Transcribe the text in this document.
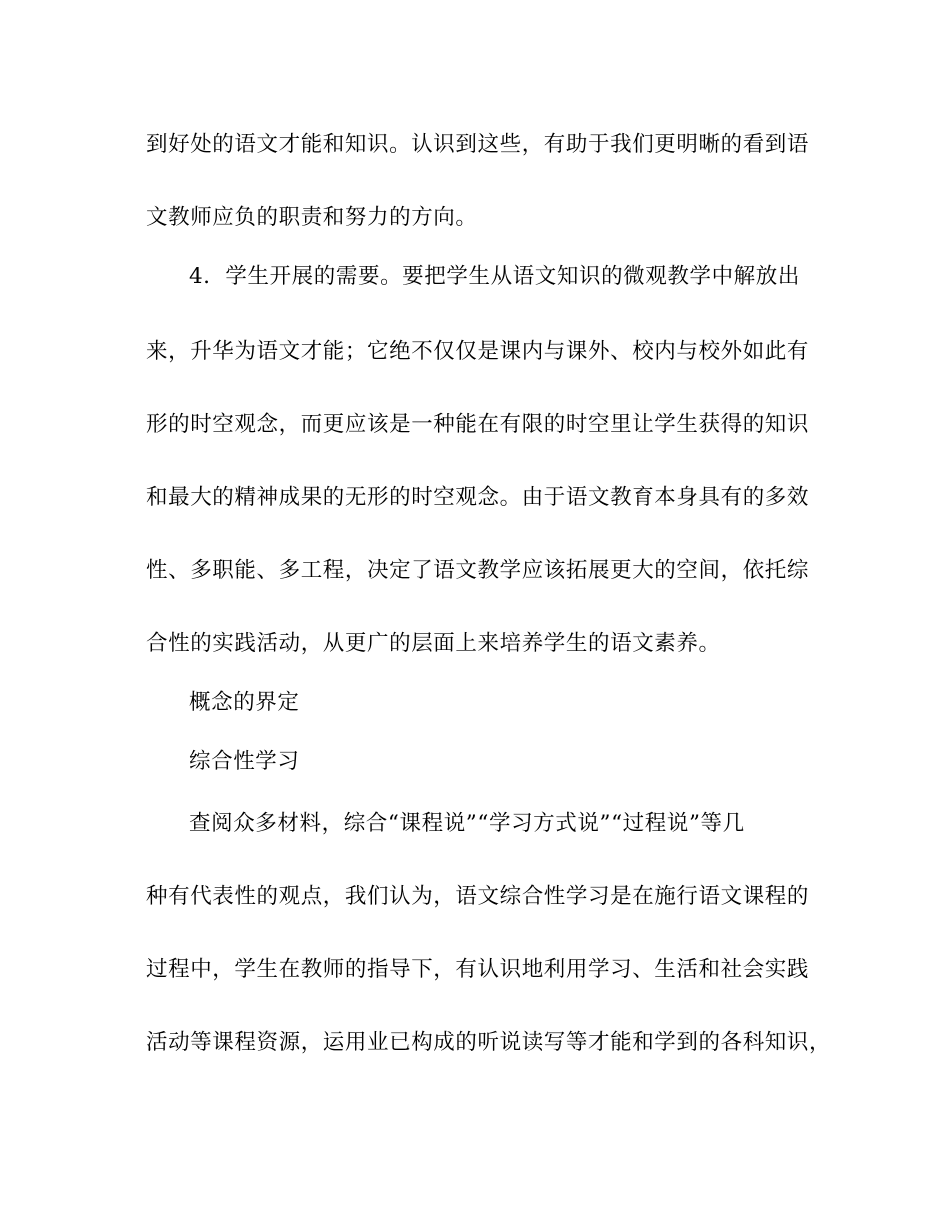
到好处的语文才能和知识。认识到这些，有助于我们更明晰的看到语
文教师应负的职责和努力的方向。
4．学生开展的需要。要把学生从语文知识的微观教学中解放出
来，升华为语文才能；它绝不仅仅是课内与课外、校内与校外如此有
形的时空观念，而更应该是一种能在有限的时空里让学生获得的知识
和最大的精神成果的无形的时空观念。由于语文教育本身具有的多效
性、多职能、多工程，决定了语文教学应该拓展更大的空间，依托综
合性的实践活动，从更广的层面上来培养学生的语文素养。
概念的界定
综合性学习
查阅众多材料，综合“课程说”“学习方式说”“过程说”等几
种有代表性的观点，我们认为，语文综合性学习是在施行语文课程的
过程中，学生在教师的指导下，有认识地利用学习、生活和社会实践
活动等课程资源，运用业已构成的听说读写等才能和学到的各科知识，
